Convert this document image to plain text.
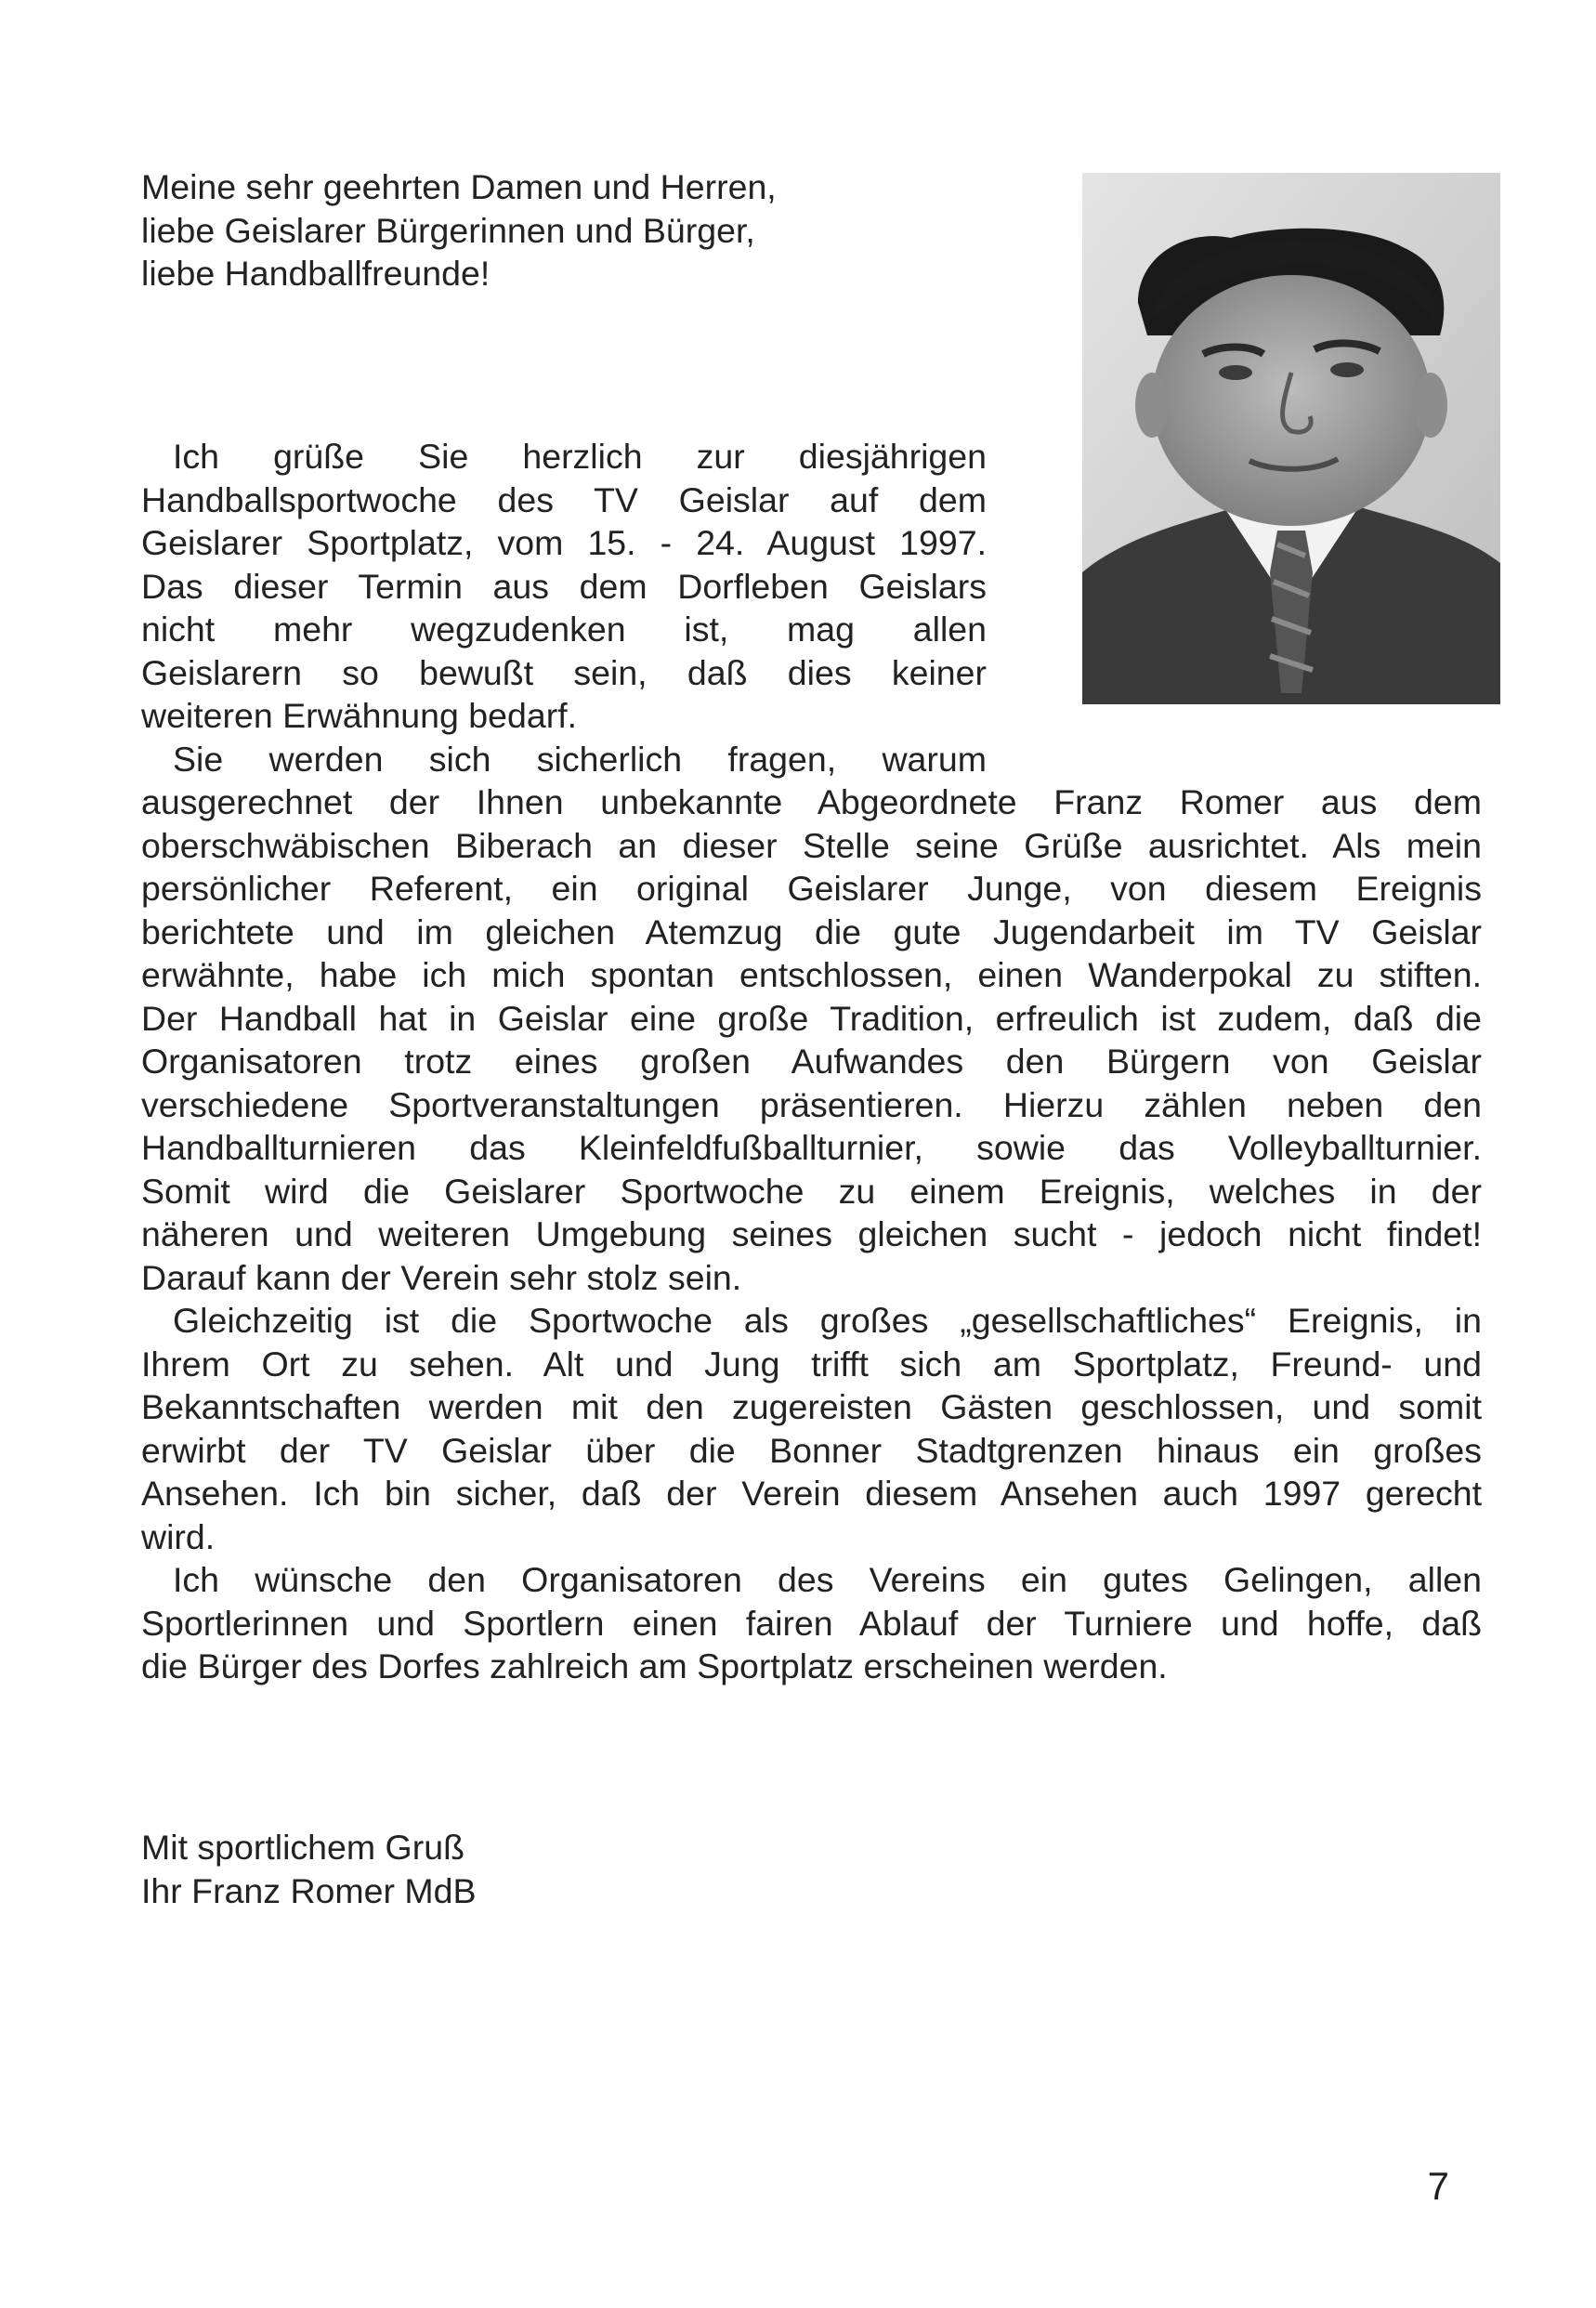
Meine sehr geehrten Damen und Herren,
liebe Geislarer Bürgerinnen und Bürger,
liebe Handballfreunde!
Ich grüße Sie herzlich zur diesjährigen
Handballsportwoche des TV Geislar auf dem
Geislarer Sportplatz, vom 15. - 24. August 1997.
Das dieser Termin aus dem Dorfleben Geislars
nicht mehr wegzudenken ist, mag allen
Geislarern so bewußt sein, daß dies keiner
weiteren Erwähnung bedarf.
Sie werden sich sicherlich fragen, warum
ausgerechnet der Ihnen unbekannte Abgeordnete Franz Romer aus dem
oberschwäbischen Biberach an dieser Stelle seine Grüße ausrichtet. Als mein
persönlicher Referent, ein original Geislarer Junge, von diesem Ereignis
berichtete und im gleichen Atemzug die gute Jugendarbeit im TV Geislar
erwähnte, habe ich mich spontan entschlossen, einen Wanderpokal zu stiften.
Der Handball hat in Geislar eine große Tradition, erfreulich ist zudem, daß die
Organisatoren trotz eines großen Aufwandes den Bürgern von Geislar
verschiedene Sportveranstaltungen präsentieren. Hierzu zählen neben den
Handballturnieren das Kleinfeldfußballturnier, sowie das Volleyballturnier.
Somit wird die Geislarer Sportwoche zu einem Ereignis, welches in der
näheren und weiteren Umgebung seines gleichen sucht - jedoch nicht findet!
Darauf kann der Verein sehr stolz sein.
Gleichzeitig ist die Sportwoche als großes „gesellschaftliches“ Ereignis, in
Ihrem Ort zu sehen. Alt und Jung trifft sich am Sportplatz, Freund- und
Bekanntschaften werden mit den zugereisten Gästen geschlossen, und somit
erwirbt der TV Geislar über die Bonner Stadtgrenzen hinaus ein großes
Ansehen. Ich bin sicher, daß der Verein diesem Ansehen auch 1997 gerecht
wird.
Ich wünsche den Organisatoren des Vereins ein gutes Gelingen, allen
Sportlerinnen und Sportlern einen fairen Ablauf der Turniere und hoffe, daß
die Bürger des Dorfes zahlreich am Sportplatz erscheinen werden.
Mit sportlichem Gruß
Ihr Franz Romer MdB
7
